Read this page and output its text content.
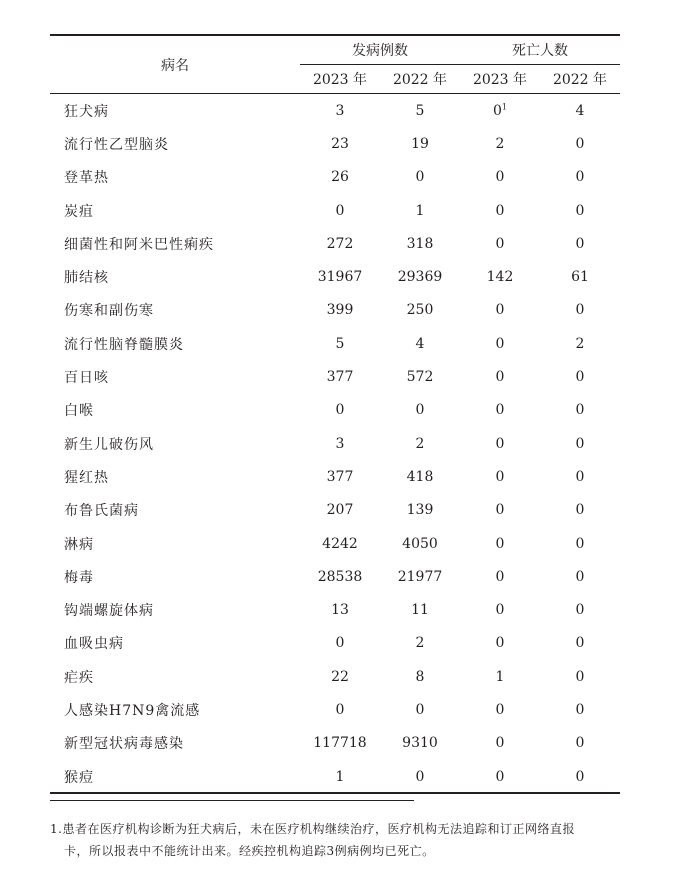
病名	发病例数		死亡人数	
	2023 年	2022 年	2023 年	2022 年
狂犬病	3	5	$0^1$	4
流行性乙型脑炎	23	19	2	0
登革热	26	0	0	0
炭疽	0	1	0	0
细菌性和阿米巴性痢疾	272	318	0	0
肺结核	31967	29369	142	61
伤寒和副伤寒	399	250	0	0
流行性脑脊髓膜炎	5	4	0	2
百日咳	377	572	0	0
白喉	0	0	0	0
新生儿破伤风	3	2	0	0
猩红热	377	418	0	0
布鲁氏菌病	207	139	0	0
淋病	4242	4050	0	0
梅毒	28538	21977	0	0
钩端螺旋体病	13	11	0	0
血吸虫病	0	2	0	0
疟疾	22	8	1	0
人感染H7N9禽流感	0	0	0	0
新型冠状病毒感染	117718	9310	0	0
猴痘	1	0	0	0
1.患者在医疗机构诊断为狂犬病后，未在医疗机构继续治疗，医疗机构无法追踪和订正网络直报
卡，所以报表中不能统计出来。经疾控机构追踪3例病例均已死亡。
